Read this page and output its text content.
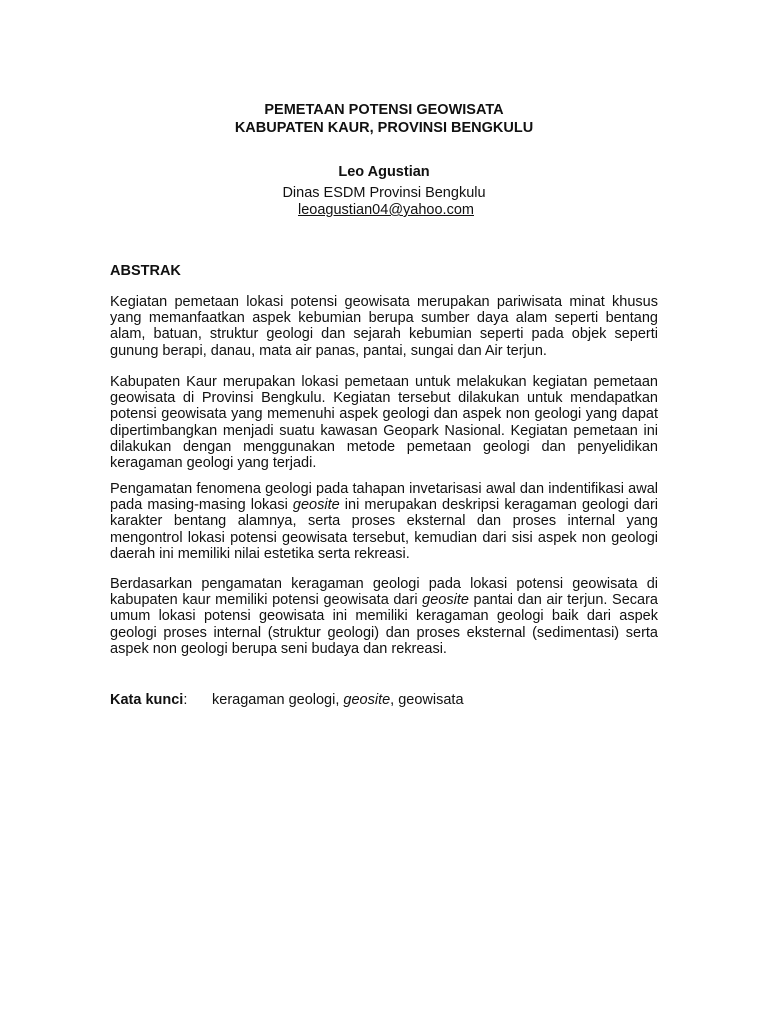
PEMETAAN POTENSI GEOWISATA
KABUPATEN KAUR, PROVINSI BENGKULU
Leo Agustian
Dinas ESDM Provinsi Bengkulu
leoagustian04@yahoo.com
ABSTRAK

Kegiatan pemetaan lokasi potensi geowisata merupakan pariwisata minat khusus yang memanfaatkan aspek kebumian berupa sumber daya alam seperti bentang alam, batuan, struktur geologi dan sejarah kebumian seperti pada objek seperti gunung berapi, danau, mata air panas, pantai, sungai dan Air terjun.

Kabupaten Kaur merupakan lokasi pemetaan untuk melakukan kegiatan pemetaan geowisata di Provinsi Bengkulu. Kegiatan tersebut dilakukan untuk mendapatkan potensi geowisata yang memenuhi aspek geologi dan aspek non geologi yang dapat dipertimbangkan menjadi suatu kawasan Geopark Nasional. Kegiatan pemetaan ini dilakukan dengan menggunakan metode pemetaan geologi dan penyelidikan keragaman geologi yang terjadi.

Pengamatan fenomena geologi pada tahapan invetarisasi awal dan indentifikasi awal pada masing-masing lokasi geosite ini merupakan deskripsi keragaman geologi dari karakter bentang alamnya, serta proses eksternal dan proses internal yang mengontrol lokasi potensi geowisata tersebut, kemudian dari sisi aspek non geologi daerah ini memiliki nilai estetika serta rekreasi.

Berdasarkan pengamatan keragaman geologi pada lokasi potensi geowisata di kabupaten kaur memiliki potensi geowisata dari geosite pantai dan air terjun. Secara umum lokasi potensi geowisata ini memiliki keragaman geologi baik dari aspek geologi proses internal (struktur geologi) dan proses eksternal (sedimentasi) serta aspek non geologi berupa seni budaya dan rekreasi.

Kata kunci: keragaman geologi, geosite, geowisata
